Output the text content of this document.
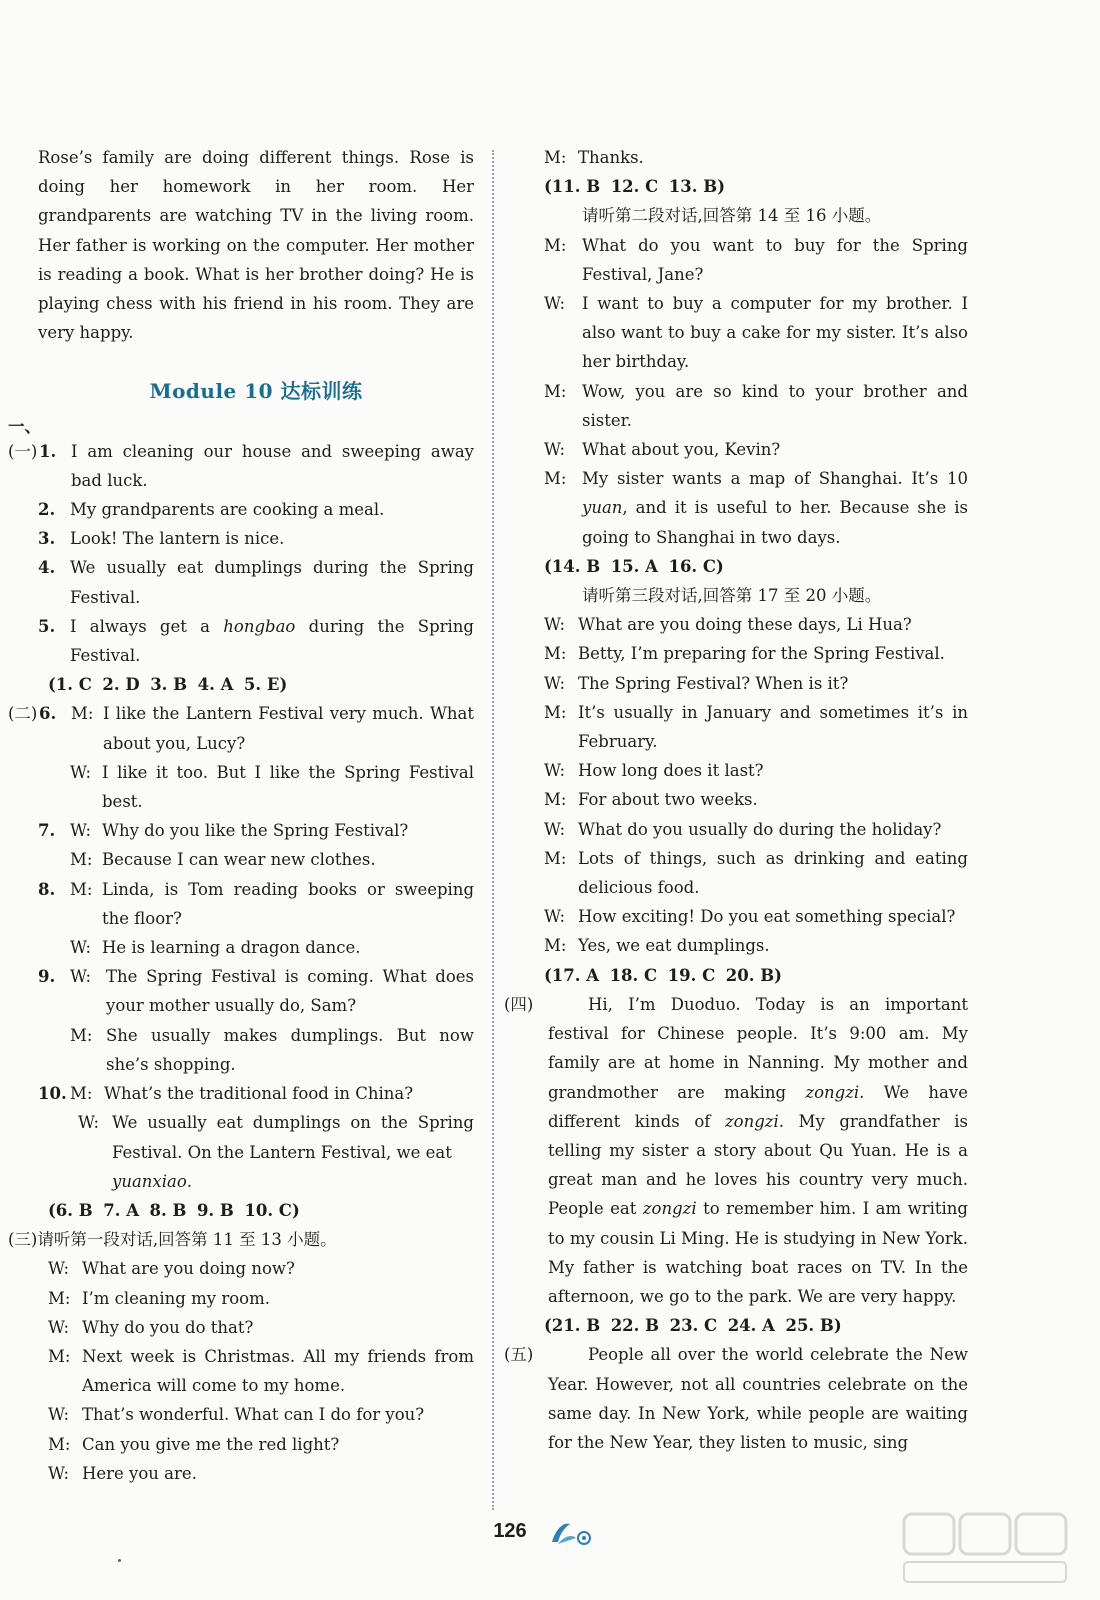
Rose’s family are doing different things. Rose is doing her homework in her room. Her grandparents are watching TV in the living room. Her father is working on the computer. Her mother is reading a book. What is her brother doing? He is playing chess with his friend in his room. They are very happy.

Module 10 达标训练
一、
(一) 1. I am cleaning our house and sweeping away bad luck.
2. My grandparents are cooking a meal.
3. Look! The lantern is nice.
4. We usually eat dumplings during the Spring Festival.
5. I always get a hongbao during the Spring Festival.
(1. C 2. D 3. B 4. A 5. E)
(二) 6. M: I like the Lantern Festival very much. What about you, Lucy?
W: I like it too. But I like the Spring Festival best.
7. W: Why do you like the Spring Festival?
M: Because I can wear new clothes.
8. M: Linda, is Tom reading books or sweeping the floor?
W: He is learning a dragon dance.
9. W: The Spring Festival is coming. What does your mother usually do, Sam?
M: She usually makes dumplings. But now she’s shopping.
10. M: What’s the traditional food in China?
W: We usually eat dumplings on the Spring Festival. On the Lantern Festival, we eat
yuanxiao.
(6. B 7. A 8. B 9. B 10. C)
(三)请听第一段对话,回答第 11 至 13 小题。
W: What are you doing now?
M: I’m cleaning my room.
W: Why do you do that?
M: Next week is Christmas. All my friends from America will come to my home.
W: That’s wonderful. What can I do for you?
M: Can you give me the red light?
W: Here you are.
M: Thanks.
(11. B 12. C 13. B)
请听第二段对话,回答第 14 至 16 小题。
M: What do you want to buy for the Spring Festival, Jane?
W:	I want to buy a computer for my brother. I also want to buy a cake for my sister. It’s also her birthday.
M: Wow, you are so kind to your brother and sister.
W:	What about you, Kevin?
M: My sister wants a map of Shanghai. It’s 10 yuan, and it is useful to her. Because she is going to Shanghai in two days.
(14. B 15. A 16. C)
请听第三段对话,回答第 17 至 20 小题。
W: What are you doing these days, Li Hua?
M: Betty, I’m preparing for the Spring Festival.
W: The Spring Festival? When is it?
M: It’s usually in January and sometimes it’s in February.
W: How long does it last?
M: For about two weeks.
W: What do you usually do during the holiday?
M: Lots of things, such as drinking and eating delicious food.
W: How exciting! Do you eat something special?
M: Yes, we eat dumplings.
(17. A 18. C 19. C 20. B)
(四)	Hi, I’m Duoduo. Today is an important festival for Chinese people. It’s 9:00 am. My family are at home in Nanning. My mother and grandmother are making zongzi. We have different kinds of zongzi. My grandfather is telling my sister a story about Qu Yuan. He is a great man and he loves his country very much. People eat zongzi to remember him. I am writing to my cousin Li Ming. He is studying in New York. My father is watching boat races on TV. In the afternoon, we go to the park. We are very happy.

(21. B 22. B 23. C 24. A 25. B)
(五)	People all over the world celebrate the New Year. However, not all countries celebrate on the same day. In New York, while people are waiting for the New Year, they listen to music, sing

126
